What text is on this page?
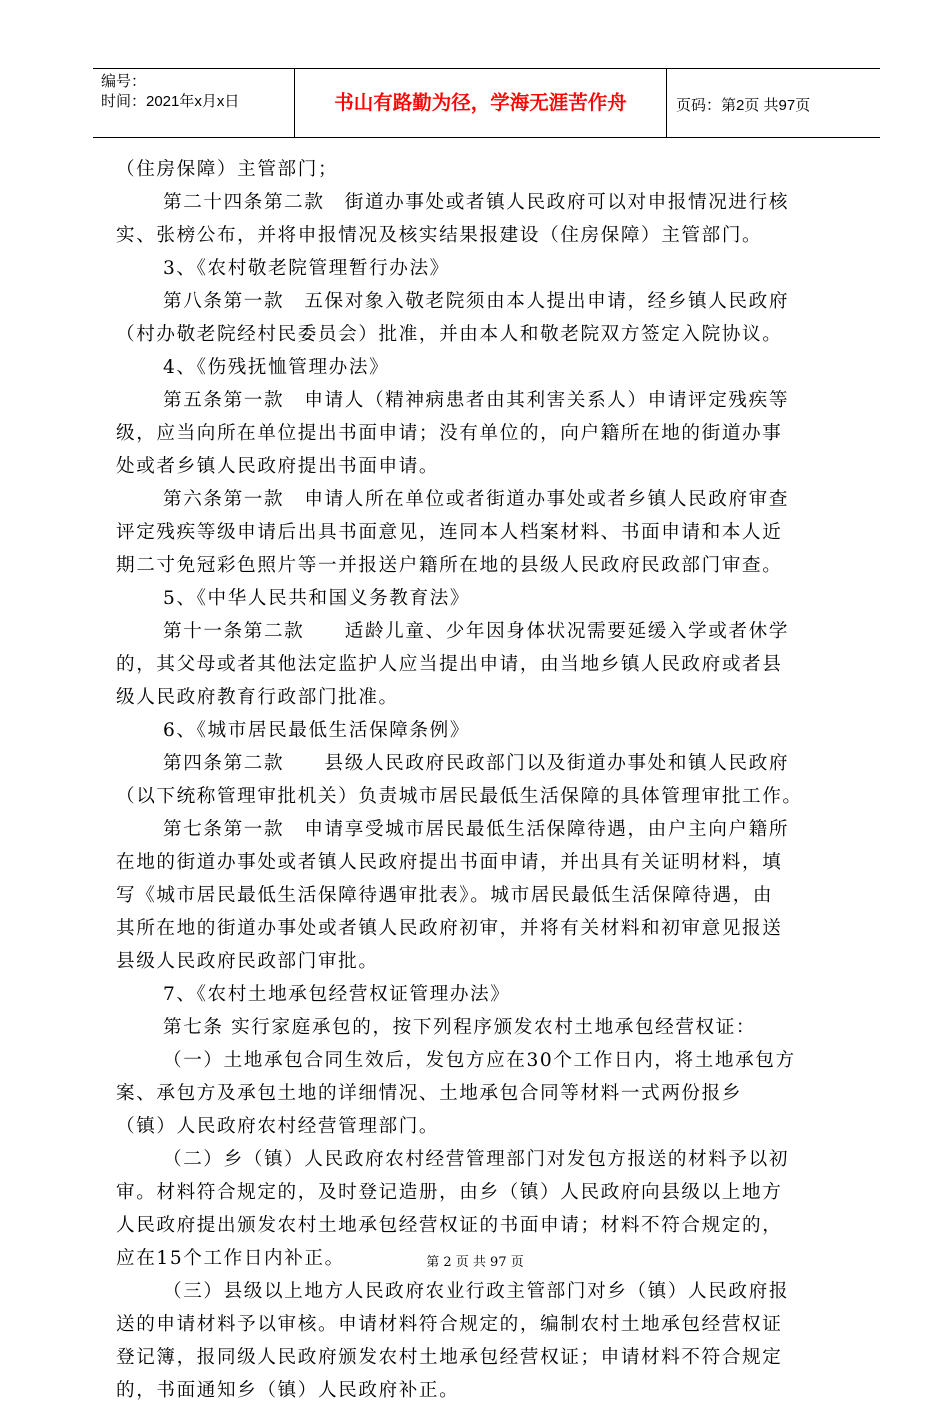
编号：
时间：2021年x月x日	书山有路勤为径，学海无涯苦作舟	页码：第2页 共97页

（住房保障）主管部门；

第二十四条第二款　街道办事处或者镇人民政府可以对申报情况进行核

实、张榜公布，并将申报情况及核实结果报建设（住房保障）主管部门。

3、《农村敬老院管理暂行办法》

第八条第一款　五保对象入敬老院须由本人提出申请，经乡镇人民政府

（村办敬老院经村民委员会）批准，并由本人和敬老院双方签定入院协议。

4、《伤残抚恤管理办法》

第五条第一款　申请人（精神病患者由其利害关系人）申请评定残疾等

级，应当向所在单位提出书面申请；没有单位的，向户籍所在地的街道办事

处或者乡镇人民政府提出书面申请。

第六条第一款　申请人所在单位或者街道办事处或者乡镇人民政府审查

评定残疾等级申请后出具书面意见，连同本人档案材料、书面申请和本人近

期二寸免冠彩色照片等一并报送户籍所在地的县级人民政府民政部门审查。

5、《中华人民共和国义务教育法》

第十一条第二款　　适龄儿童、少年因身体状况需要延缓入学或者休学

的，其父母或者其他法定监护人应当提出申请，由当地乡镇人民政府或者县

级人民政府教育行政部门批准。

6、《城市居民最低生活保障条例》

第四条第二款　　县级人民政府民政部门以及街道办事处和镇人民政府

（以下统称管理审批机关）负责城市居民最低生活保障的具体管理审批工作。

第七条第一款　申请享受城市居民最低生活保障待遇，由户主向户籍所

在地的街道办事处或者镇人民政府提出书面申请，并出具有关证明材料，填

写《城市居民最低生活保障待遇审批表》。城市居民最低生活保障待遇，由

其所在地的街道办事处或者镇人民政府初审，并将有关材料和初审意见报送

县级人民政府民政部门审批。

7、《农村土地承包经营权证管理办法》

第七条 实行家庭承包的，按下列程序颁发农村土地承包经营权证：

（一）土地承包合同生效后，发包方应在30个工作日内，将土地承包方

案、承包方及承包土地的详细情况、土地承包合同等材料一式两份报乡

（镇）人民政府农村经营管理部门。

（二）乡（镇）人民政府农村经营管理部门对发包方报送的材料予以初

审。材料符合规定的，及时登记造册，由乡（镇）人民政府向县级以上地方

人民政府提出颁发农村土地承包经营权证的书面申请；材料不符合规定的，

应在15个工作日内补正。

（三）县级以上地方人民政府农业行政主管部门对乡（镇）人民政府报

送的申请材料予以审核。申请材料符合规定的，编制农村土地承包经营权证

登记簿，报同级人民政府颁发农村土地承包经营权证；申请材料不符合规定

的，书面通知乡（镇）人民政府补正。

第 2 页 共 97 页
